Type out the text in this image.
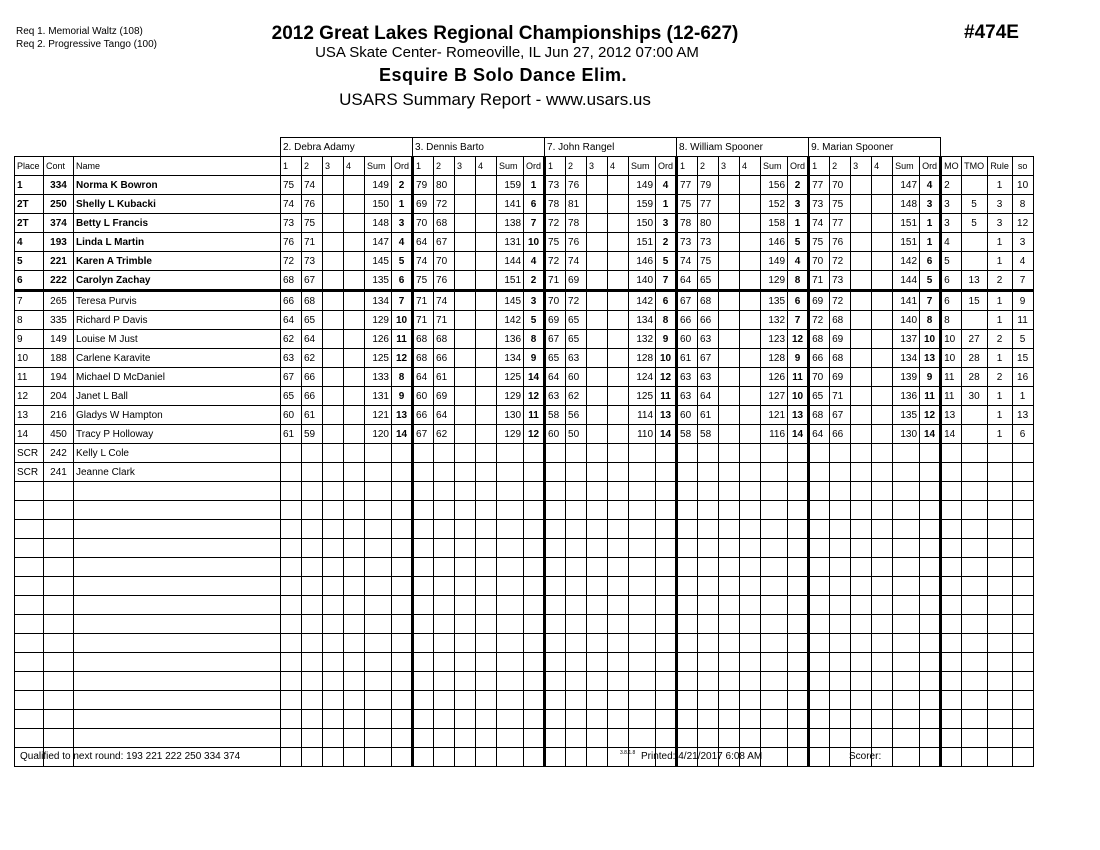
Req 1. Memorial Waltz (108)
Req 2. Progressive Tango (100)
2012 Great Lakes Regional Championships (12-627)
USA Skate Center- Romeoville, IL Jun 27, 2012 07:00 AM
Esquire B Solo Dance Elim.
USARS Summary Report - www.usars.us
#474E
			2. Debra Adamy						3. Dennis Barto						7. John Rangel						8. William Spooner						9. Marian Spooner									
Place	Cont	Name	1	2	3	4	Sum	Ord	1	2	3	4	Sum	Ord	1	2	3	4	Sum	Ord	1	2	3	4	Sum	Ord	1	2	3	4	Sum	Ord	MO	TMO	Rule	so
1	334	Norma K Bowron	75	74			149	2	79	80			159	1	73	76			149	4	77	79			156	2	77	70			147	4	2		1	10
2T	250	Shelly L Kubacki	74	76			150	1	69	72			141	6	78	81			159	1	75	77			152	3	73	75			148	3	3	5	3	8
2T	374	Betty L Francis	73	75			148	3	70	68			138	7	72	78			150	3	78	80			158	1	74	77			151	1	3	5	3	12
4	193	Linda L Martin	76	71			147	4	64	67			131	10	75	76			151	2	73	73			146	5	75	76			151	1	4		1	3
5	221	Karen A Trimble	72	73			145	5	74	70			144	4	72	74			146	5	74	75			149	4	70	72			142	6	5		1	4
6	222	Carolyn Zachay	68	67			135	6	75	76			151	2	71	69			140	7	64	65			129	8	71	73			144	5	6	13	2	7
7	265	Teresa Purvis	66	68			134	7	71	74			145	3	70	72			142	6	67	68			135	6	69	72			141	7	6	15	1	9
8	335	Richard P Davis	64	65			129	10	71	71			142	5	69	65			134	8	66	66			132	7	72	68			140	8	8		1	11
9	149	Louise M Just	62	64			126	11	68	68			136	8	67	65			132	9	60	63			123	12	68	69			137	10	10	27	2	5
10	188	Carlene Karavite	63	62			125	12	68	66			134	9	65	63			128	10	61	67			128	9	66	68			134	13	10	28	1	15
11	194	Michael D McDaniel	67	66			133	8	64	61			125	14	64	60			124	12	63	63			126	11	70	69			139	9	11	28	2	16
12	204	Janet L Ball	65	66			131	9	60	69			129	12	63	62			125	11	63	64			127	10	65	71			136	11	11	30	1	1
13	216	Gladys W Hampton	60	61			121	13	66	64			130	11	58	56			114	13	60	61			121	13	68	67			135	12	13		1	13
14	450	Tracy P Holloway	61	59			120	14	67	62			129	12	60	50			110	14	58	58			116	14	64	66			130	14	14		1	6
SCR	242	Kelly L Cole																																		
SCR	241	Jeanne Clark																																		

Qualified to next round: 193 221 222 250 334 374	3.8.1.8 Printed: 4/21/2017 6:08 AM	Scorer:
